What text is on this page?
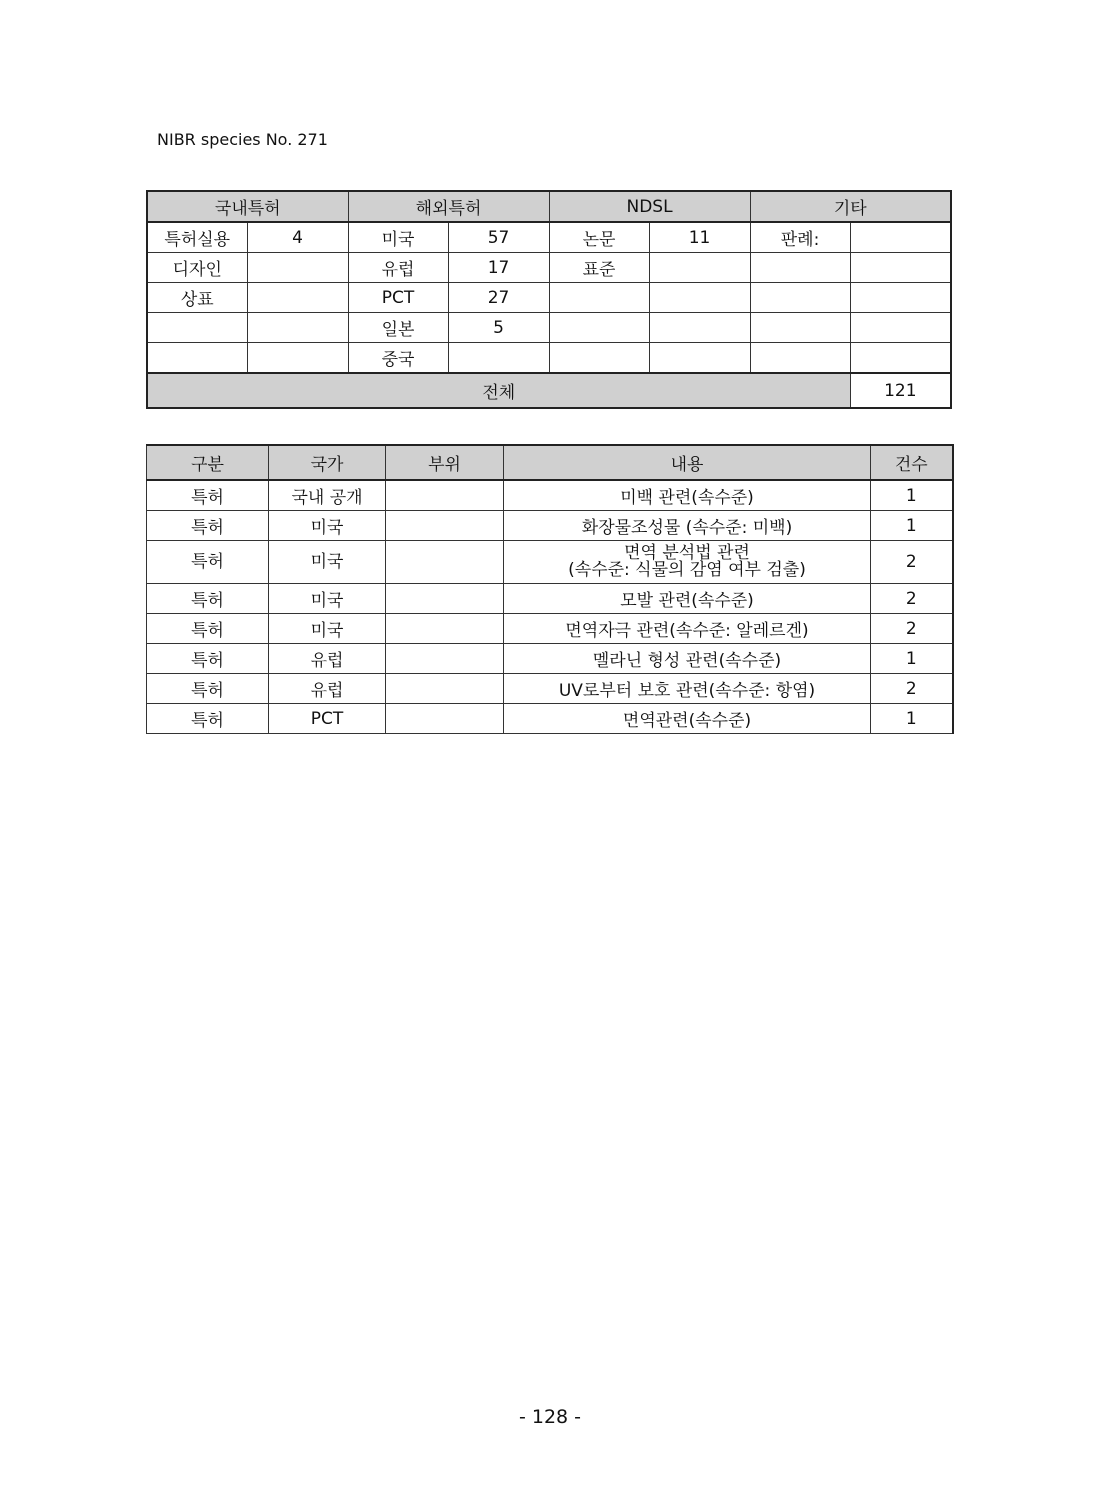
NIBR species No. 271
국내특허		해외특허		NDSL		기타	
특허실용	4	미국	57	논문	11	판례:	
디자인		유럽	17	표준			
상표		PCT	27				
		일본	5				
		중국					
전체							121
구분	국가	부위	내용	건수
특허	국내 공개		미백 관련(속수준)	1
특허	미국		화장물조성물 (속수준: 미백)	1
특허	미국		면역 분석법 관련
(속수준: 식물의 감염 여부 검출)	2
특허	미국		모발 관련(속수준)	2
특허	미국		면역자극 관련(속수준: 알레르겐)	2
특허	유럽		멜라닌 형성 관련(속수준)	1
특허	유럽		UV로부터 보호 관련(속수준: 항염)	2
특허	PCT		면역관련(속수준)	1
- 128 -
